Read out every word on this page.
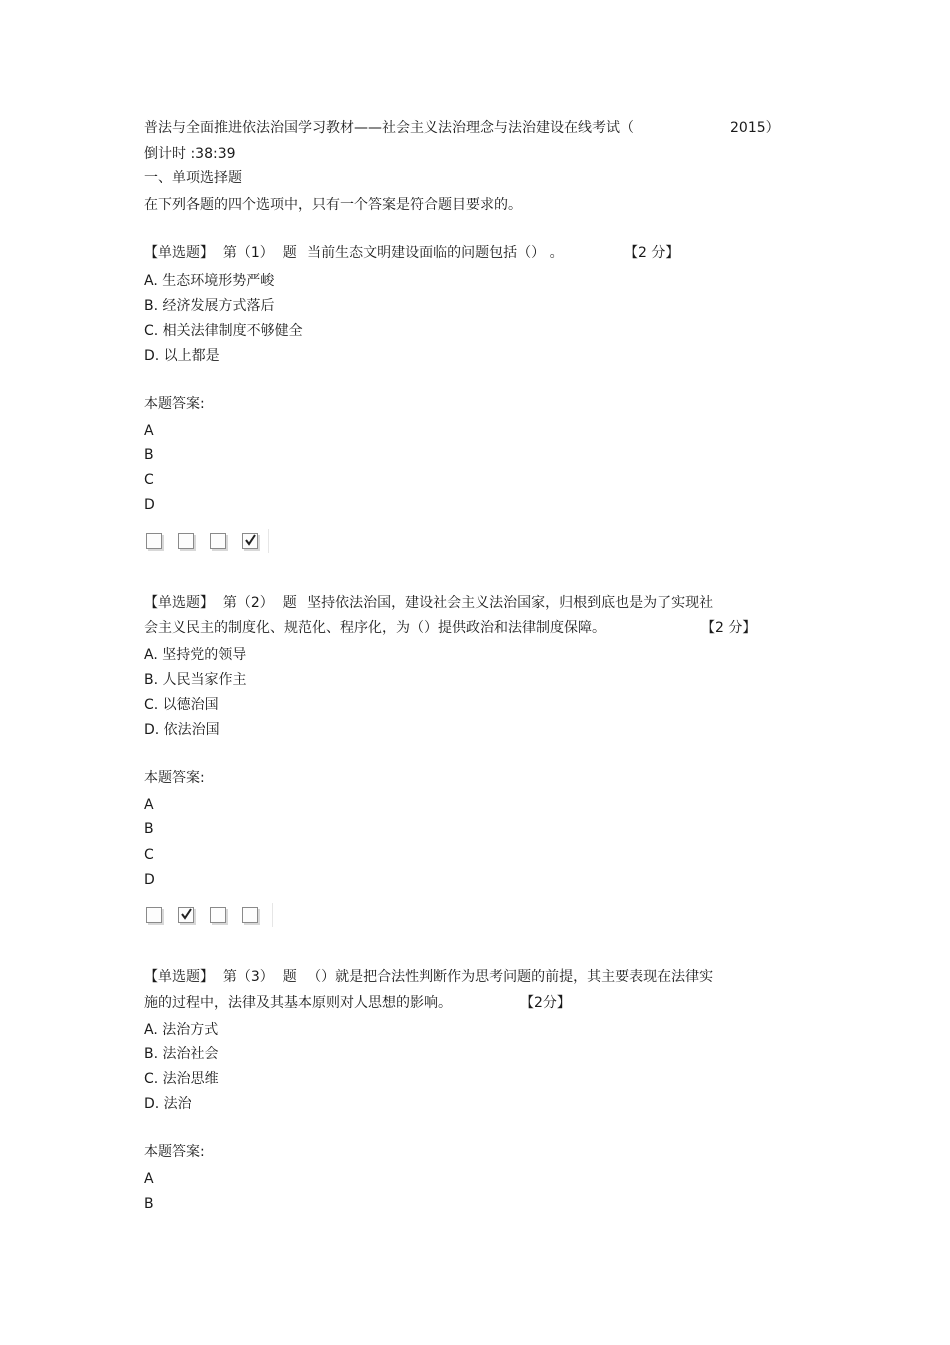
普法与全面推进依法治国学习教材——社会主义法治理念与法治建设在线考试（	2015）
倒计时 :38:39
一、单项选择题
在下列各题的四个选项中，只有一个答案是符合题目要求的。
【单选题】  第（1）  题 当前生态文明建设面临的问题包括（） 。	【2 分】
A. 生态环境形势严峻
B. 经济发展方式落后
C. 相关法律制度不够健全
D. 以上都是
本题答案:
A
B
C
D
【单选题】  第（2）  题 坚持依法治国，建设社会主义法治国家，归根到底也是为了实现社
会主义民主的制度化、规范化、程序化，为（）提供政治和法律制度保障。	【2 分】
A. 坚持党的领导
B. 人民当家作主
C. 以德治国
D. 依法治国
本题答案:
A
B
C
D
【单选题】  第（3）  题 （）就是把合法性判断作为思考问题的前提，其主要表现在法律实
施的过程中，法律及其基本原则对人思想的影响。	【2分】
A. 法治方式
B. 法治社会
C. 法治思维
D. 法治
本题答案:
A
B
